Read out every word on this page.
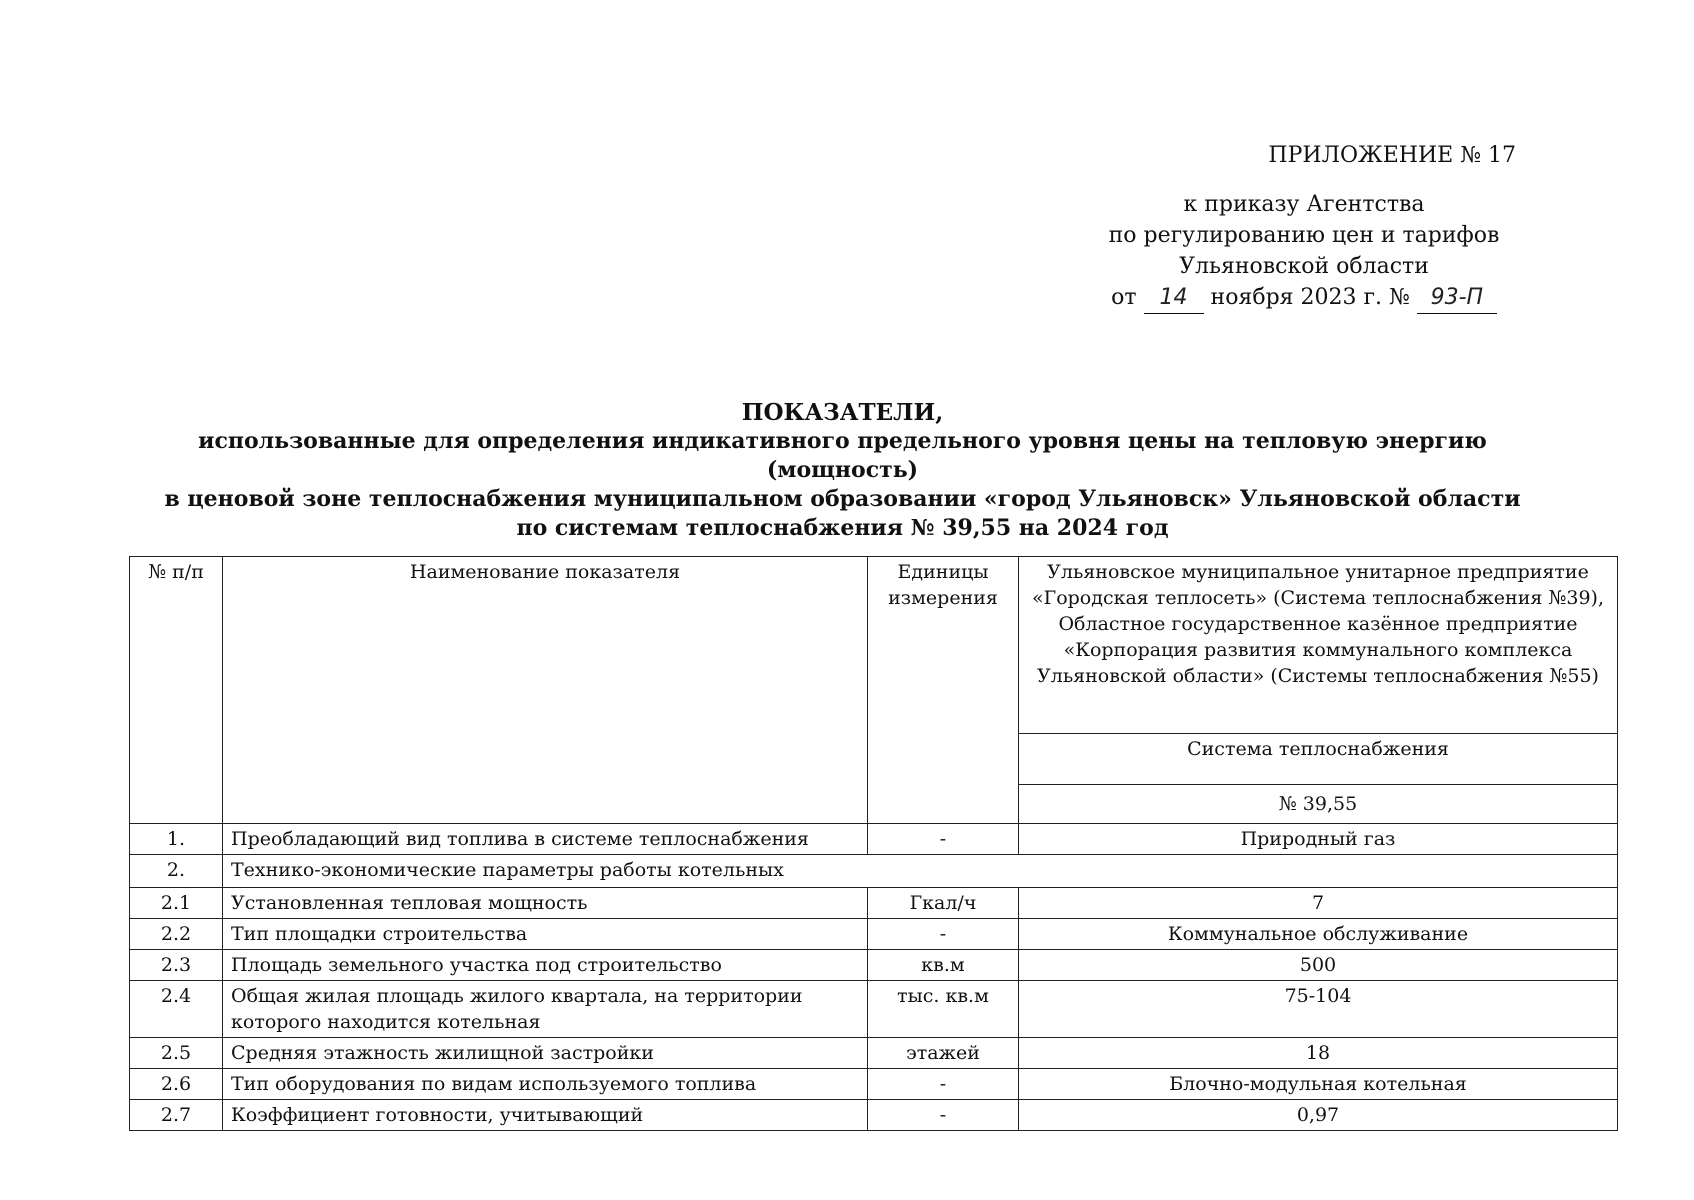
ПРИЛОЖЕНИЕ № 17
к приказу Агентства
по регулированию цен и тарифов
Ульяновской области
от 14 ноября 2023 г. № 93-П
ПОКАЗАТЕЛИ,
использованные для определения индикативного предельного уровня цены на тепловую энергию (мощность)
в ценовой зоне теплоснабжения муниципальном образовании «город Ульяновск» Ульяновской области
по системам теплоснабжения № 39,55 на 2024 год
№ п/п	Наименование показателя	Единицы измерения	Ульяновское муниципальное унитарное предприятие «Городская теплосеть» (Система теплоснабжения №39), Областное государственное казённое предприятие «Корпорация развития коммунального комплекса Ульяновской области» (Системы теплоснабжения №55)
			Система теплоснабжения
			№ 39,55
1.	Преобладающий вид топлива в системе теплоснабжения	-	Природный газ
2.	Технико-экономические параметры работы котельных		
2.1	Установленная тепловая мощность	Гкал/ч	7
2.2	Тип площадки строительства	-	Коммунальное обслуживание
2.3	Площадь земельного участка под строительство	кв.м	500
2.4	Общая жилая площадь жилого квартала, на территории которого находится котельная	тыс. кв.м	75-104
2.5	Средняя этажность жилищной застройки	этажей	18
2.6	Тип оборудования по видам используемого топлива	-	Блочно-модульная котельная
2.7	Коэффициент готовности, учитывающий	-	0,97
